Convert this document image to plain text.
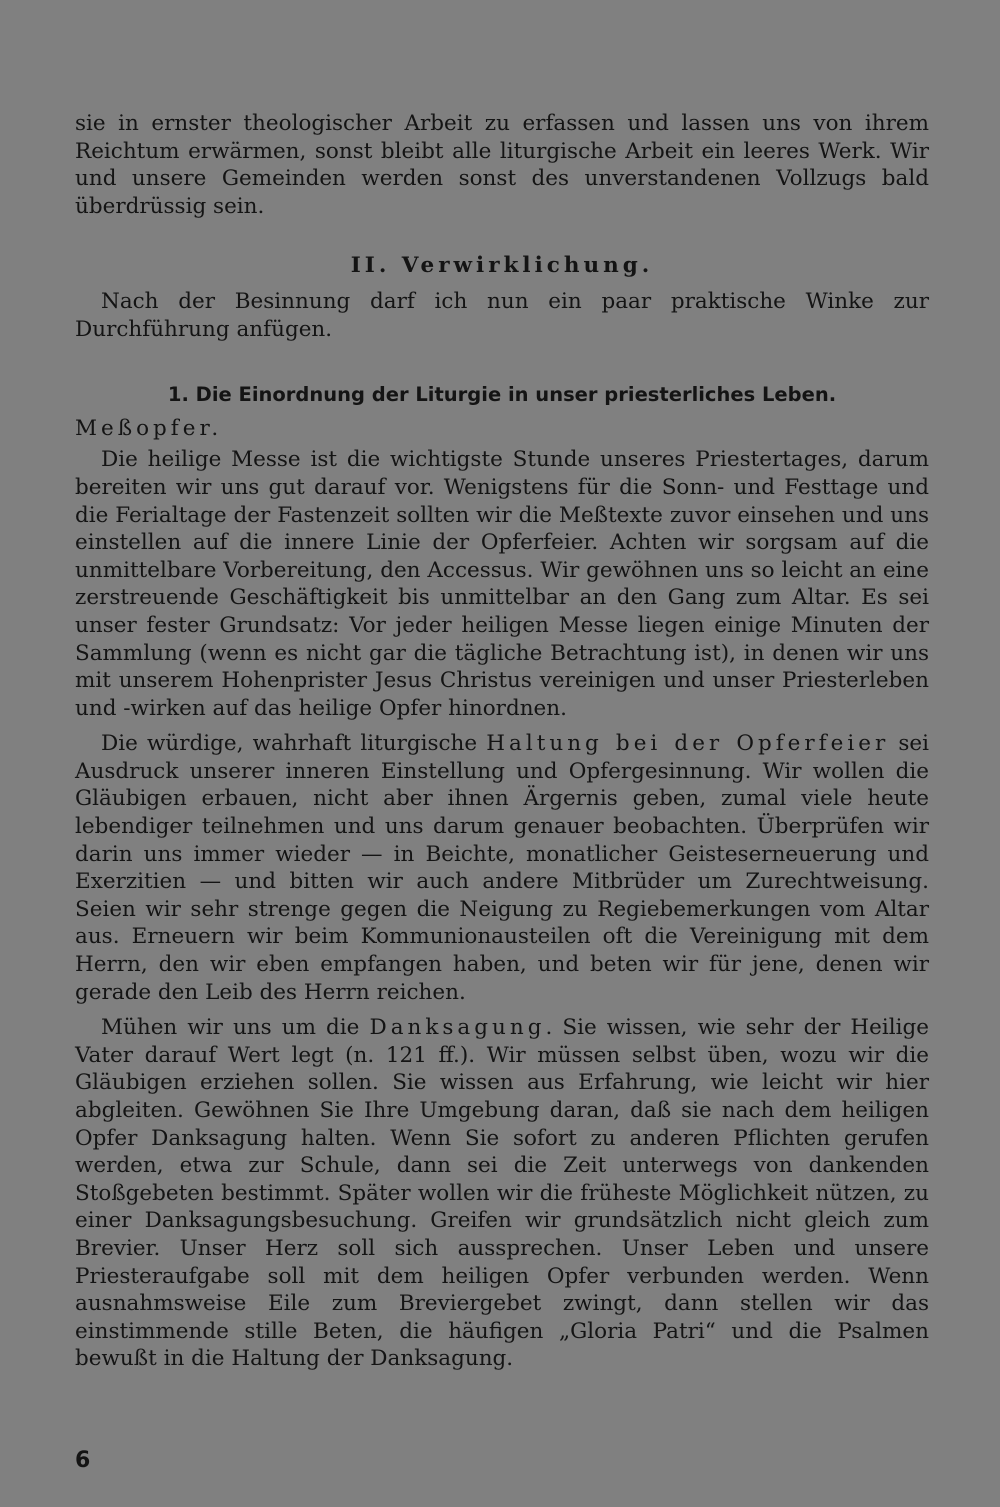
sie in ernster theologischer Arbeit zu erfassen und lassen uns von ihrem Reichtum erwärmen, sonst bleibt alle liturgische Arbeit ein leeres Werk. Wir und unsere Gemeinden werden sonst des unverstandenen Vollzugs bald überdrüssig sein.

II. Verwirklichung.

Nach der Besinnung darf ich nun ein paar praktische Winke zur Durchführung anfügen.

1. Die Einordnung der Liturgie in unser priesterliches Leben.
Meßopfer.

Die heilige Messe ist die wichtigste Stunde unseres Priestertages, darum bereiten wir uns gut darauf vor. Wenigstens für die Sonn- und Festtage und die Ferialtage der Fastenzeit sollten wir die Meßtexte zuvor einsehen und uns einstellen auf die innere Linie der Opferfeier. Achten wir sorgsam auf die unmittelbare Vorbereitung, den Accessus. Wir gewöhnen uns so leicht an eine zerstreuende Geschäftigkeit bis unmittelbar an den Gang zum Altar. Es sei unser fester Grundsatz: Vor jeder heiligen Messe liegen einige Minuten der Sammlung (wenn es nicht gar die tägliche Betrachtung ist), in denen wir uns mit unserem Hohenprister Jesus Christus vereinigen und unser Priesterleben und -wirken auf das heilige Opfer hinordnen.

Die würdige, wahrhaft liturgische Haltung bei der Opferfeier sei Ausdruck unserer inneren Einstellung und Opfergesinnung. Wir wollen die Gläubigen erbauen, nicht aber ihnen Ärgernis geben, zumal viele heute lebendiger teilnehmen und uns darum genauer beobachten. Überprüfen wir darin uns immer wieder — in Beichte, monatlicher Geisteserneuerung und Exerzitien — und bitten wir auch andere Mitbrüder um Zurechtweisung. Seien wir sehr strenge gegen die Neigung zu Regiebemerkungen vom Altar aus. Erneuern wir beim Kommunionausteilen oft die Vereinigung mit dem Herrn, den wir eben empfangen haben, und beten wir für jene, denen wir gerade den Leib des Herrn reichen.

Mühen wir uns um die Danksagung. Sie wissen, wie sehr der Heilige Vater darauf Wert legt (n. 121 ff.). Wir müssen selbst üben, wozu wir die Gläubigen erziehen sollen. Sie wissen aus Erfahrung, wie leicht wir hier abgleiten. Gewöhnen Sie Ihre Umgebung daran, daß sie nach dem heiligen Opfer Danksagung halten. Wenn Sie sofort zu anderen Pflichten gerufen werden, etwa zur Schule, dann sei die Zeit unterwegs von dankenden Stoßgebeten bestimmt. Später wollen wir die früheste Möglichkeit nützen, zu einer Danksagungsbesuchung. Greifen wir grundsätzlich nicht gleich zum Brevier. Unser Herz soll sich aussprechen. Unser Leben und unsere Priesteraufgabe soll mit dem heiligen Opfer verbunden werden. Wenn ausnahmsweise Eile zum Breviergebet zwingt, dann stellen wir das einstimmende stille Beten, die häufigen „Gloria Patri“ und die Psalmen bewußt in die Haltung der Danksagung.

6
